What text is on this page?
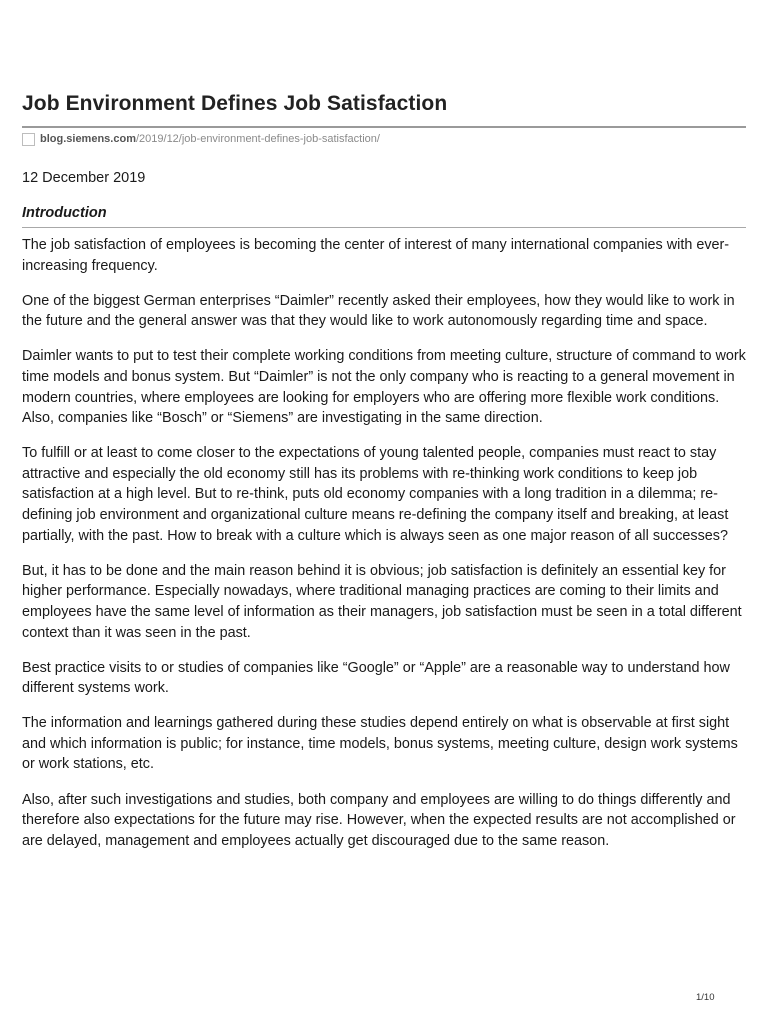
Job Environment Defines Job Satisfaction
blog.siemens.com /2019/12/job-environment-defines-job-satisfaction/
12 December 2019
Introduction

The job satisfaction of employees is becoming the center of interest of many international companies with ever-increasing frequency.

One of the biggest German enterprises “Daimler” recently asked their employees, how they would like to work in the future and the general answer was that they would like to work autonomously regarding time and space.

Daimler wants to put to test their complete working conditions from meeting culture, structure of command to work time models and bonus system. But “Daimler” is not the only company who is reacting to a general movement in modern countries, where employees are looking for employers who are offering more flexible work conditions. Also, companies like “Bosch” or “Siemens” are investigating in the same direction.

To fulfill or at least to come closer to the expectations of young talented people, companies must react to stay attractive and especially the old economy still has its problems with re-thinking work conditions to keep job satisfaction at a high level. But to re-think, puts old economy companies with a long tradition in a dilemma; re-defining job environment and organizational culture means re-defining the company itself and breaking, at least partially, with the past. How to break with a culture which is always seen as one major reason of all successes?

But, it has to be done and the main reason behind it is obvious; job satisfaction is definitely an essential key for higher performance. Especially nowadays, where traditional managing practices are coming to their limits and employees have the same level of information as their managers, job satisfaction must be seen in a total different context than it was seen in the past.

Best practice visits to or studies of companies like “Google” or “Apple” are a reasonable way to understand how different systems work.

The information and learnings gathered during these studies depend entirely on what is observable at first sight and which information is public; for instance, time models, bonus systems, meeting culture, design work systems or work stations, etc.

Also, after such investigations and studies, both company and employees are willing to do things differently and therefore also expectations for the future may rise. However, when the expected results are not accomplished or are delayed, management and employees actually get discouraged due to the same reason.

1/10
